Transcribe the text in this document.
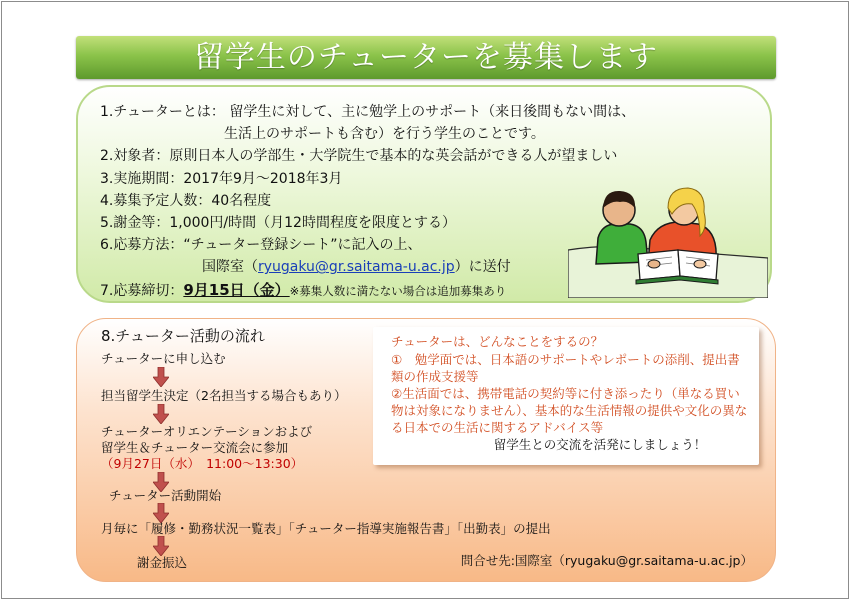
留学生のチューターを募集します
1.チューターとは： 留学生に対して、主に勉学上のサポート（来日後間もない間は、
生活上のサポートも含む）を行う学生のことです。
2.対象者：原則日本人の学部生・大学院生で基本的な英会話ができる人が望ましい
3.実施期間：2017年9月～2018年3月
4.募集予定人数：40名程度
5.謝金等：1,000円/時間（月12時間程度を限度とする）
6.応募方法：“チューター登録シート”に記入の上、
国際室（ryugaku@gr.saitama-u.ac.jp）に送付
7.応募締切：9月15日（金）※募集人数に満たない場合は追加募集あり
8.チューター活動の流れ
チューターに申し込む
担当留学生決定（2名担当する場合もあり）
チューターオリエンテーションおよび
留学生＆チューター交流会に参加
（9月27日（水）　11:00～13:30）
チューター活動開始
月毎に「履修・勤務状況一覧表」「チューター指導実施報告書」「出勤表」の提出
謝金振込
チューターは、どんなことをするの？
①　勉学面では、日本語のサポートやレポートの添削、提出書類の作成支援等
②生活面では、携帯電話の契約等に付き添ったり（単なる買い物は対象になりません）、基本的な生活情報の提供や文化の異なる日本での生活に関するアドバイス等
留学生との交流を活発にしましょう！
問合せ先:国際室（ryugaku@gr.saitama-u.ac.jp）
